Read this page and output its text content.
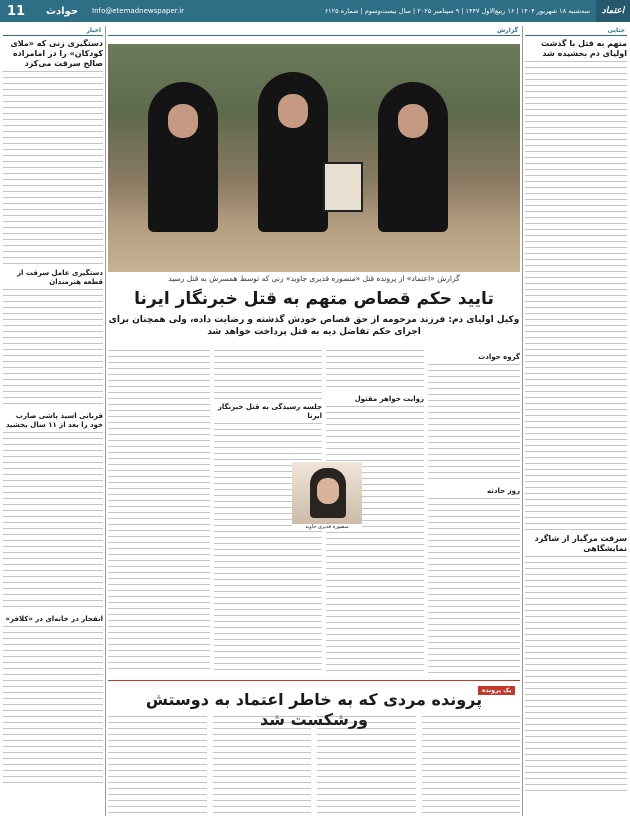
اعتماد
سه‌شنبه ۱۸ شهریور ۱۴۰۴ | ۱۶ ربیع‌الاول ۱۴۴۷ | ۹ سپتامبر ۲۰۲۵ | سال بیست‌وسوم | شماره ۶۱۲۵
Info@etemadnewspaper.ir
حوادث
11
جنایی
متهم به قتل با گذشت اولیای دم بخشیده شد
سرقت مرگبار از شاگرد نمایشگاهی
اخبار
دستگیری زنی که «ملای کودکان» را در امامزاده صالح سرقت می‌کرد
دستگیری عامل سرقت از قطعه هنرمندان
قربانی اسید پاشی ضارب خود را بعد از ۱۱ سال بخشید
انفجار در خانه‌ای در «کلافر»
گزارش
گزارش «اعتماد» از پرونده قتل «منصوره قدیری جاوید» زنی که توسط همسرش به قتل رسید
تایید حکم قصاص متهم به قتل خبرنگار ایرنا
وکیل اولیای دم: فرزند مرحومه از حق قصاص خودش گذشته و رضایت داده، ولی همچنان برای اجرای حکم تفاضل دیه به قتل پرداخت خواهد شد
گروه حوادث
روز حادثه
روایت خواهر مقتول
جلسه رسیدگی به قتل خبرنگار ایرنا
منصوره قدیری جاوید
یک پرونده
پرونده مردی که به خاطر اعتماد به دوستش ورشکست شد
